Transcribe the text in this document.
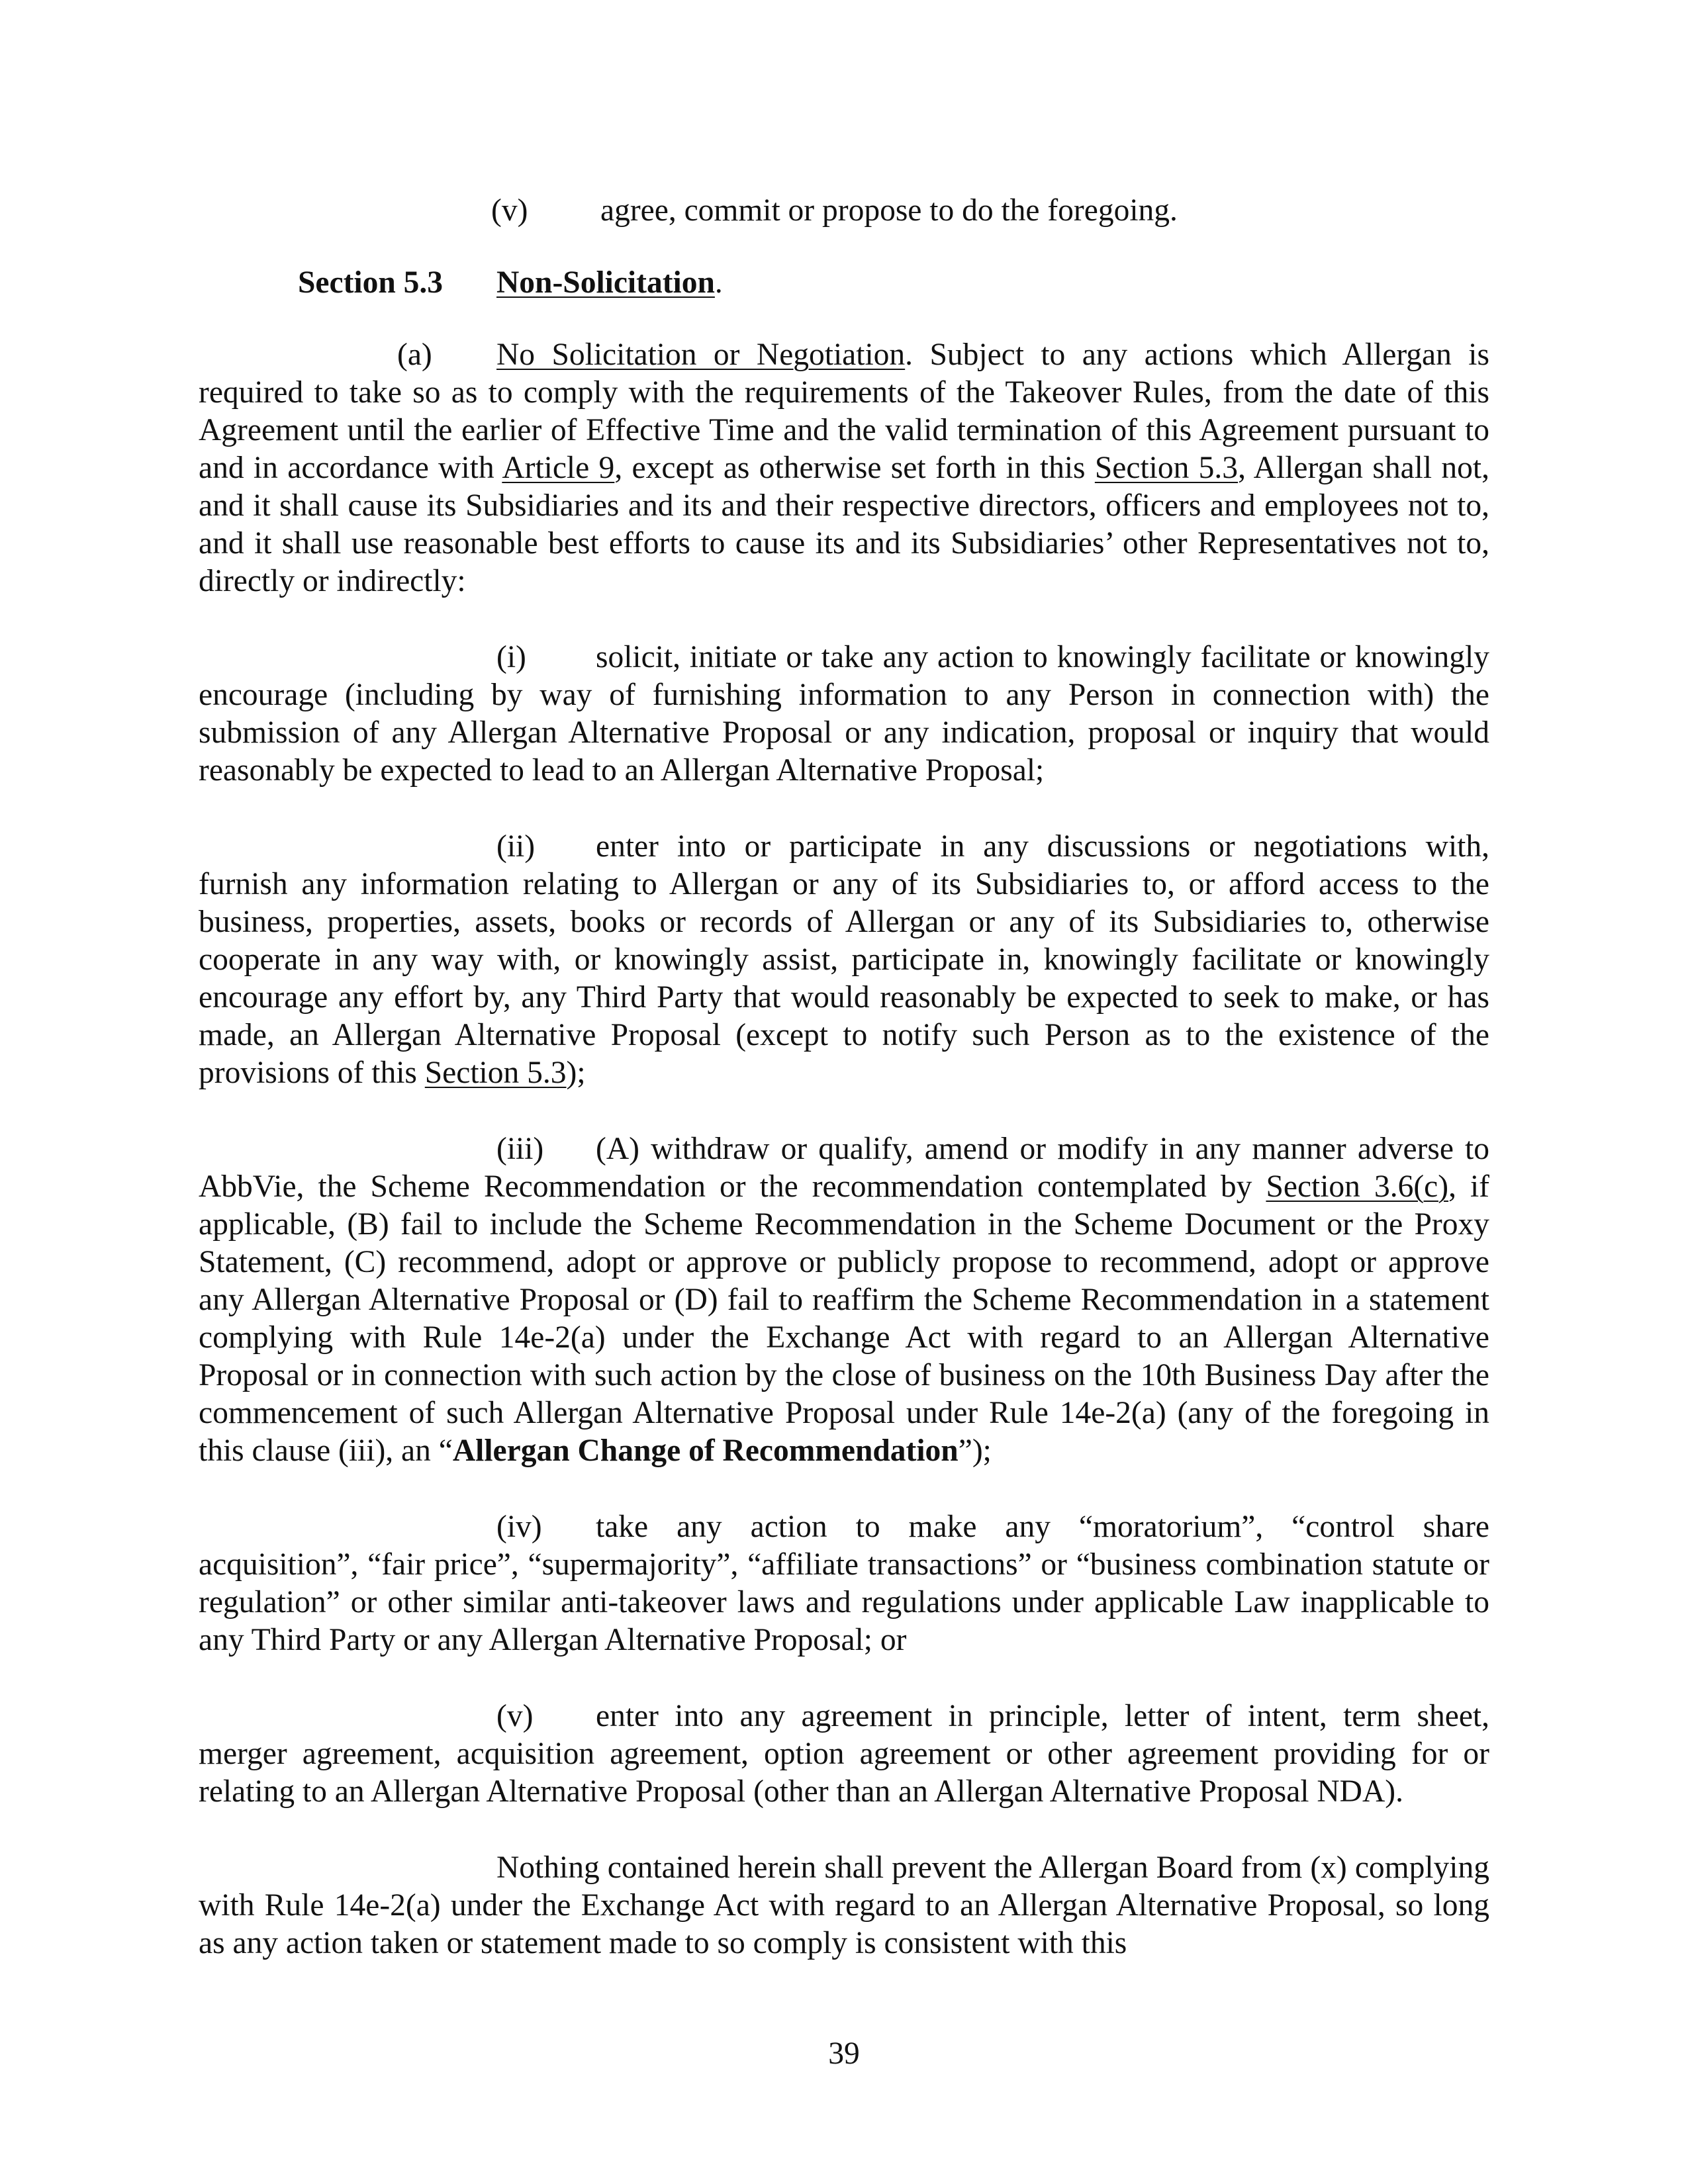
(v) agree, commit or propose to do the foregoing.

Section 5.3 Non-Solicitation.

(a) No Solicitation or Negotiation. Subject to any actions which Allergan is required to take so as to comply with the requirements of the Takeover Rules, from the date of this Agreement until the earlier of Effective Time and the valid termination of this Agreement pursuant to and in accordance with Article 9, except as otherwise set forth in this Section 5.3, Allergan shall not, and it shall cause its Subsidiaries and its and their respective directors, officers and employees not to, and it shall use reasonable best efforts to cause its and its Subsidiaries’ other Representatives not to, directly or indirectly:

(i) solicit, initiate or take any action to knowingly facilitate or knowingly encourage (including by way of furnishing information to any Person in connection with) the submission of any Allergan Alternative Proposal or any indication, proposal or inquiry that would reasonably be expected to lead to an Allergan Alternative Proposal;

(ii) enter into or participate in any discussions or negotiations with, furnish any information relating to Allergan or any of its Subsidiaries to, or afford access to the business, properties, assets, books or records of Allergan or any of its Subsidiaries to, otherwise cooperate in any way with, or knowingly assist, participate in, knowingly facilitate or knowingly encourage any effort by, any Third Party that would reasonably be expected to seek to make, or has made, an Allergan Alternative Proposal (except to notify such Person as to the existence of the provisions of this Section 5.3);

(iii) (A) withdraw or qualify, amend or modify in any manner adverse to AbbVie, the Scheme Recommendation or the recommendation contemplated by Section 3.6(c), if applicable, (B) fail to include the Scheme Recommendation in the Scheme Document or the Proxy Statement, (C) recommend, adopt or approve or publicly propose to recommend, adopt or approve any Allergan Alternative Proposal or (D) fail to reaffirm the Scheme Recommendation in a statement complying with Rule 14e-2(a) under the Exchange Act with regard to an Allergan Alternative Proposal or in connection with such action by the close of business on the 10th Business Day after the commencement of such Allergan Alternative Proposal under Rule 14e-2(a) (any of the foregoing in this clause (iii), an “Allergan Change of Recommendation”);

(iv) take any action to make any “moratorium”, “control share acquisition”, “fair price”, “supermajority”, “affiliate transactions” or “business combination statute or regulation” or other similar anti-takeover laws and regulations under applicable Law inapplicable to any Third Party or any Allergan Alternative Proposal; or

(v) enter into any agreement in principle, letter of intent, term sheet, merger agreement, acquisition agreement, option agreement or other agreement providing for or relating to an Allergan Alternative Proposal (other than an Allergan Alternative Proposal NDA).

Nothing contained herein shall prevent the Allergan Board from (x) complying with Rule 14e-2(a) under the Exchange Act with regard to an Allergan Alternative Proposal, so long as any action taken or statement made to so comply is consistent with this

39
